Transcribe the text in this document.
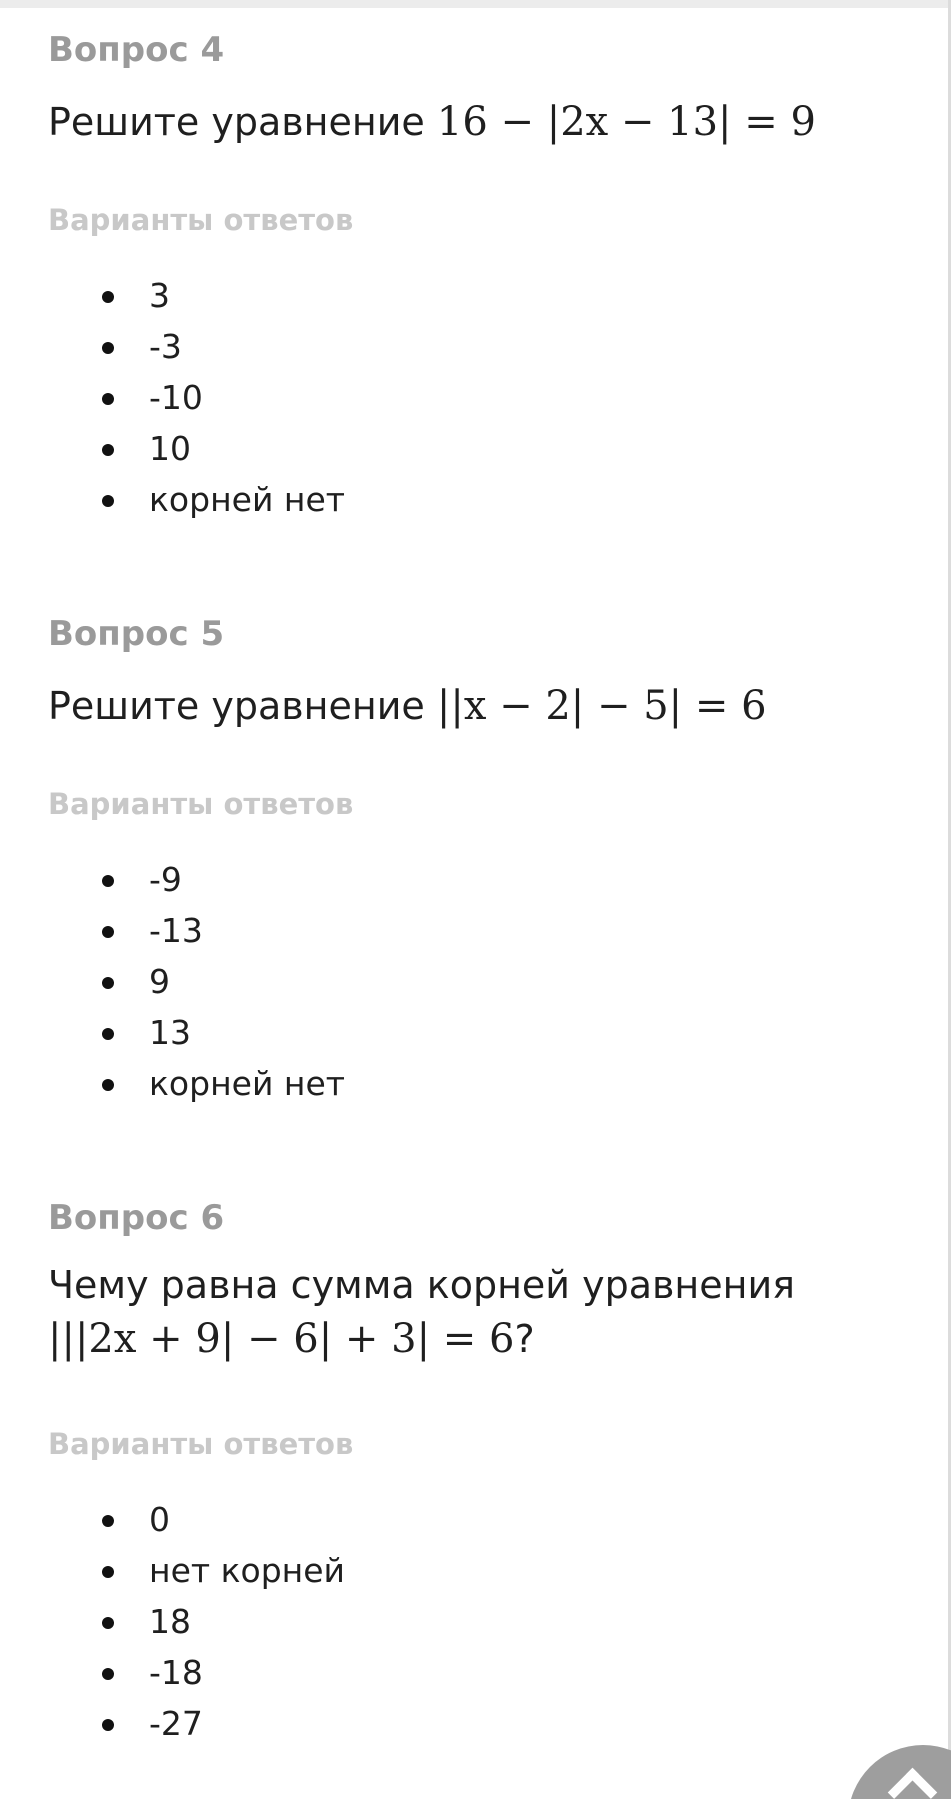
Вопрос 4

Решите уравнение 16 − |2x − 13| = 9

Варианты ответов

3
-3
-10
10
корней нет
Вопрос 5

Решите уравнение ||x − 2| − 5| = 6

Варианты ответов

-9
-13
9
13
корней нет
Вопрос 6

Чему равна сумма корней уравнения
|||2x + 9| − 6| + 3| = 6?

Варианты ответов

0
нет корней
18
-18
-27
